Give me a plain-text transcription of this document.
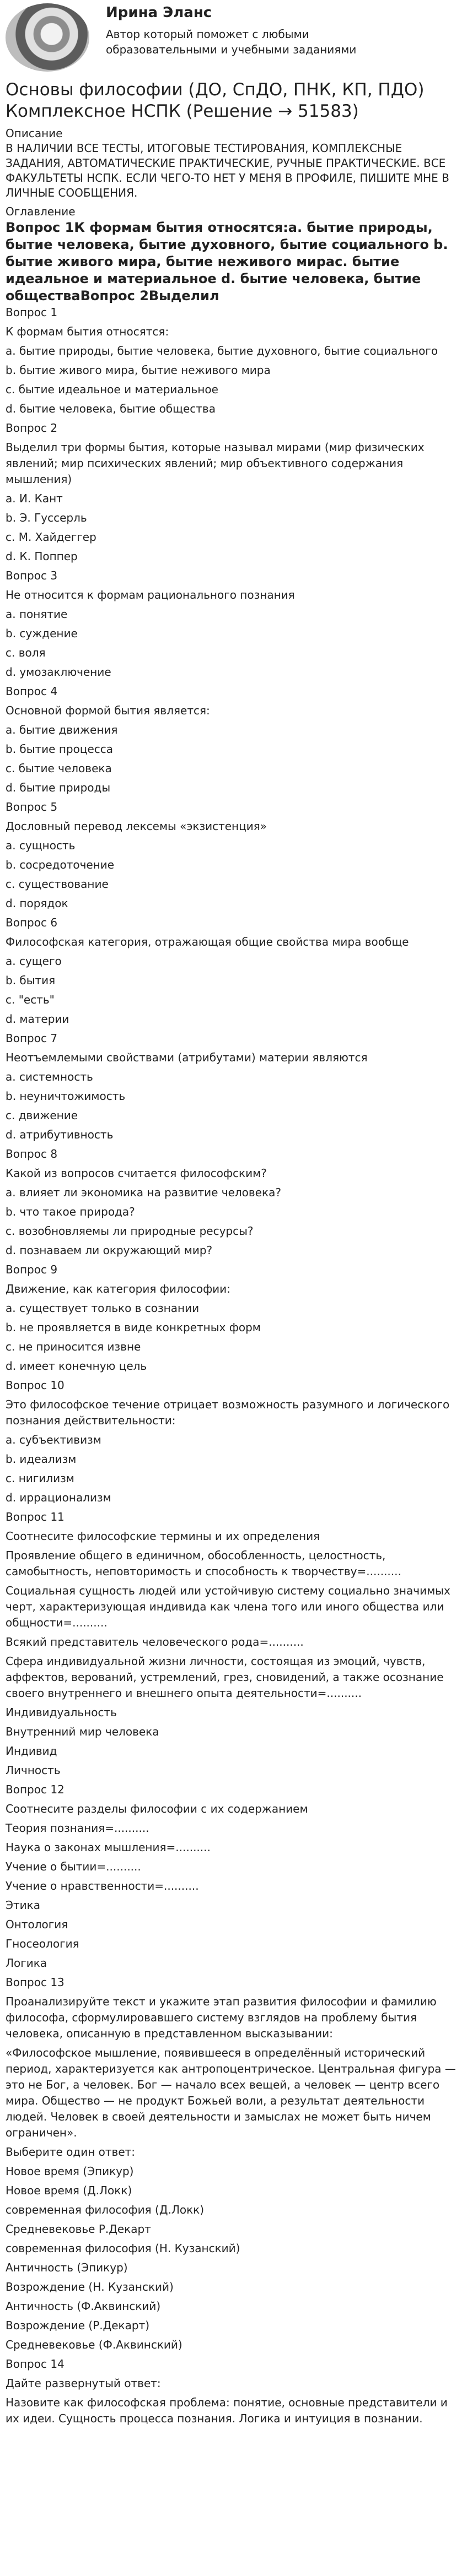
Ирина Эланс
Автор который поможет с любыми образовательными и учебными заданиями
Основы философии (ДО, СпДО, ПНК, КП, ПДО) Комплексное НСПК (Решение → 51583)
Описание
В НАЛИЧИИ ВСЕ ТЕСТЫ, ИТОГОВЫЕ ТЕСТИРОВАНИЯ, КОМПЛЕКСНЫЕ ЗАДАНИЯ, АВТОМАТИЧЕСКИЕ ПРАКТИЧЕСКИЕ, РУЧНЫЕ ПРАКТИЧЕСКИЕ. ВСЕ ФАКУЛЬТЕТЫ НСПК. ЕСЛИ ЧЕГО-ТО НЕТ У МЕНЯ В ПРОФИЛЕ, ПИШИТЕ МНЕ В ЛИЧНЫЕ СООБЩЕНИЯ.
Оглавление
Вопрос 1К формам бытия относятся:а. бытие природы, бытие человека, бытие духовного, бытие социального b. бытие живого мира, бытие неживого мирас. бытие идеальное и материальное d. бытие человека, бытие обществаВопрос 2Выделил
Вопрос 1
К формам бытия относятся:
а. бытие природы, бытие человека, бытие духовного, бытие социального
b. бытие живого мира, бытие неживого мира
c. бытие идеальное и материальное
d. бытие человека, бытие общества
Вопрос 2
Выделил три формы бытия, которые называл мирами (мир физических явлений; мир психических явлений; мир объективного содержания мышления)
a. И. Кант
b. Э. Гуссерль
c. М. Хайдеггер
d. К. Поппер
Вопрос 3
Не относится к формам рационального познания
a. понятие
b. суждение
c. воля
d. умозаключение
Вопрос 4
Основной формой бытия является:
a. бытие движения
b. бытие процесса
c. бытие человека
d. бытие природы
Вопрос 5
Дословный перевод лексемы «экзистенция»
a. сущность
b. сосредоточение
c. существование
d. порядок
Вопрос 6
Философская категория, отражающая общие свойства мира вообще
a. сущего
b. бытия
c. "есть"
d. материи
Вопрос 7
Неотъемлемыми свойствами (атрибутами) материи являются
a. системность
b. неуничтожимость
c. движение
d. атрибутивность
Вопрос 8
Какой из вопросов считается философским?
a. влияет ли экономика на развитие человека?
b. что такое природа?
c. возобновляемы ли природные ресурсы?
d. познаваем ли окружающий мир?
Вопрос 9
Движение, как категория философии:
a. существует только в сознании
b. не проявляется в виде конкретных форм
c. не приносится извне
d. имеет конечную цель
Вопрос 10
Это философское течение отрицает возможность разумного и логического познания действительности:
a. субъективизм
b. идеализм
c. нигилизм
d. иррационализм
Вопрос 11
Соотнесите философские термины и их определения
Проявление общего в единичном, обособленность, целостность, самобытность, неповторимость и способность к творчеству=..........
Социальная сущность людей или устойчивую систему социально значимых черт, характеризующая индивида как члена того или иного общества или общности=..........
Всякий представитель человеческого рода=..........
Сфера индивидуальной жизни личности, состоящая из эмоций, чувств, аффектов, верований, устремлений, грез, сновидений, а также осознание своего внутреннего и внешнего опыта деятельности=..........
Индивидуальность
Внутренний мир человека
Индивид
Личность
Вопрос 12
Соотнесите разделы философии с их содержанием
Теория познания=..........
Наука о законах мышления=..........
Учение о бытии=..........
Учение о нравственности=..........
Этика
Онтология
Гносеология
Логика
Вопрос 13
Проанализируйте текст и укажите этап развития философии и фамилию философа, сформулировавшего систему взглядов на проблему бытия человека, описанную в представленном высказывании:
«Философское мышление, появившееся в определённый исторический период, характеризуется как антропоцентрическое. Центральная фигура — это не Бог, а человек. Бог — начало всех вещей, а человек — центр всего мира. Общество — не продукт Божьей воли, а результат деятельности людей. Человек в своей деятельности и замыслах не может быть ничем ограничен».
Выберите один ответ:
Новое время (Эпикур)
Новое время (Д.Локк)
современная философия (Д.Локк)
Средневековье Р.Декарт
современная философия (Н. Кузанский)
Античность (Эпикур)
Возрождение (Н. Кузанский)
Античность (Ф.Аквинский)
Возрождение (Р.Декарт)
Средневековье (Ф.Аквинский)
Вопрос 14
Дайте развернутый ответ:
Назовите как философская проблема: понятие, основные представители и их идеи. Сущность процесса познания. Логика и интуиция в познании.
